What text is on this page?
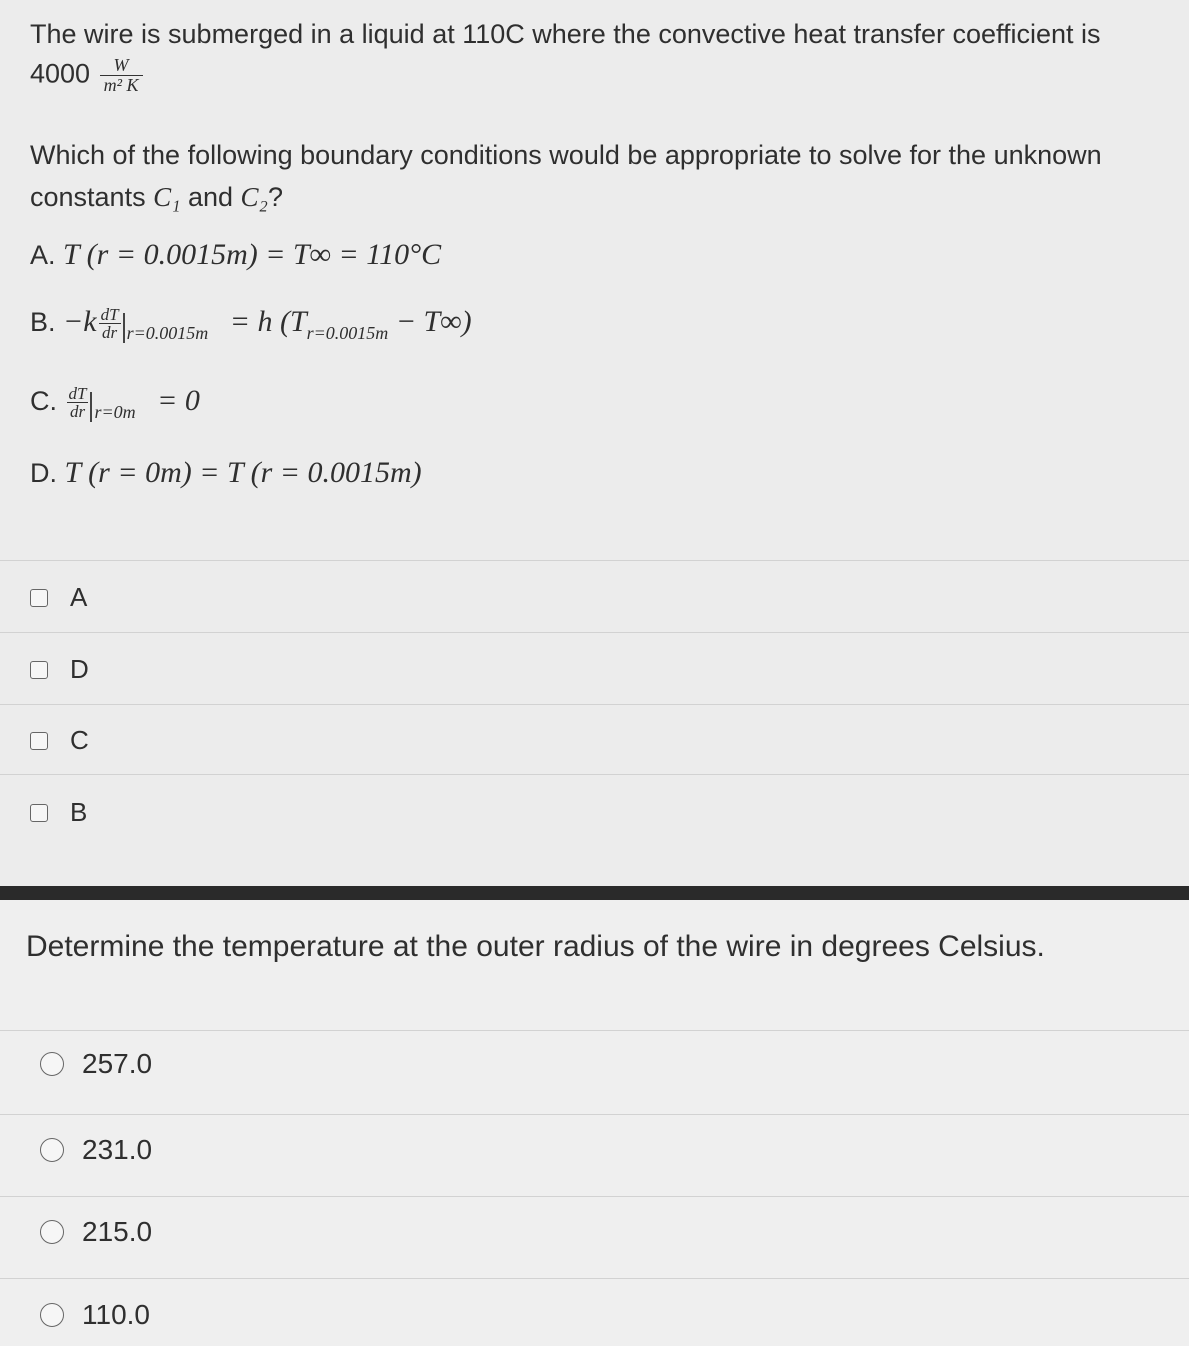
The wire is submerged in a liquid at 110C where the convective heat transfer coefficient is
$4000 \frac{W}{\text{m² K}}$
Which of the following boundary conditions would be appropriate to solve for the unknown
constants C₁ and C₂?
A. T (r = 0.0015m) = T∞ = 110°C
B. $-k \frac{dT}{dr} _{r=0.0015m} = h$ $(T_{r=0.0015m} - T\infty)$
C. $\frac{dT}{dr} _{r=0m} = 0$
D. T (r = 0m) = T (r = 0.0015m)
A
D
C
B
Determine the temperature at the outer radius of the wire in degrees Celsius.
257.0
231.0
215.0
110.0
